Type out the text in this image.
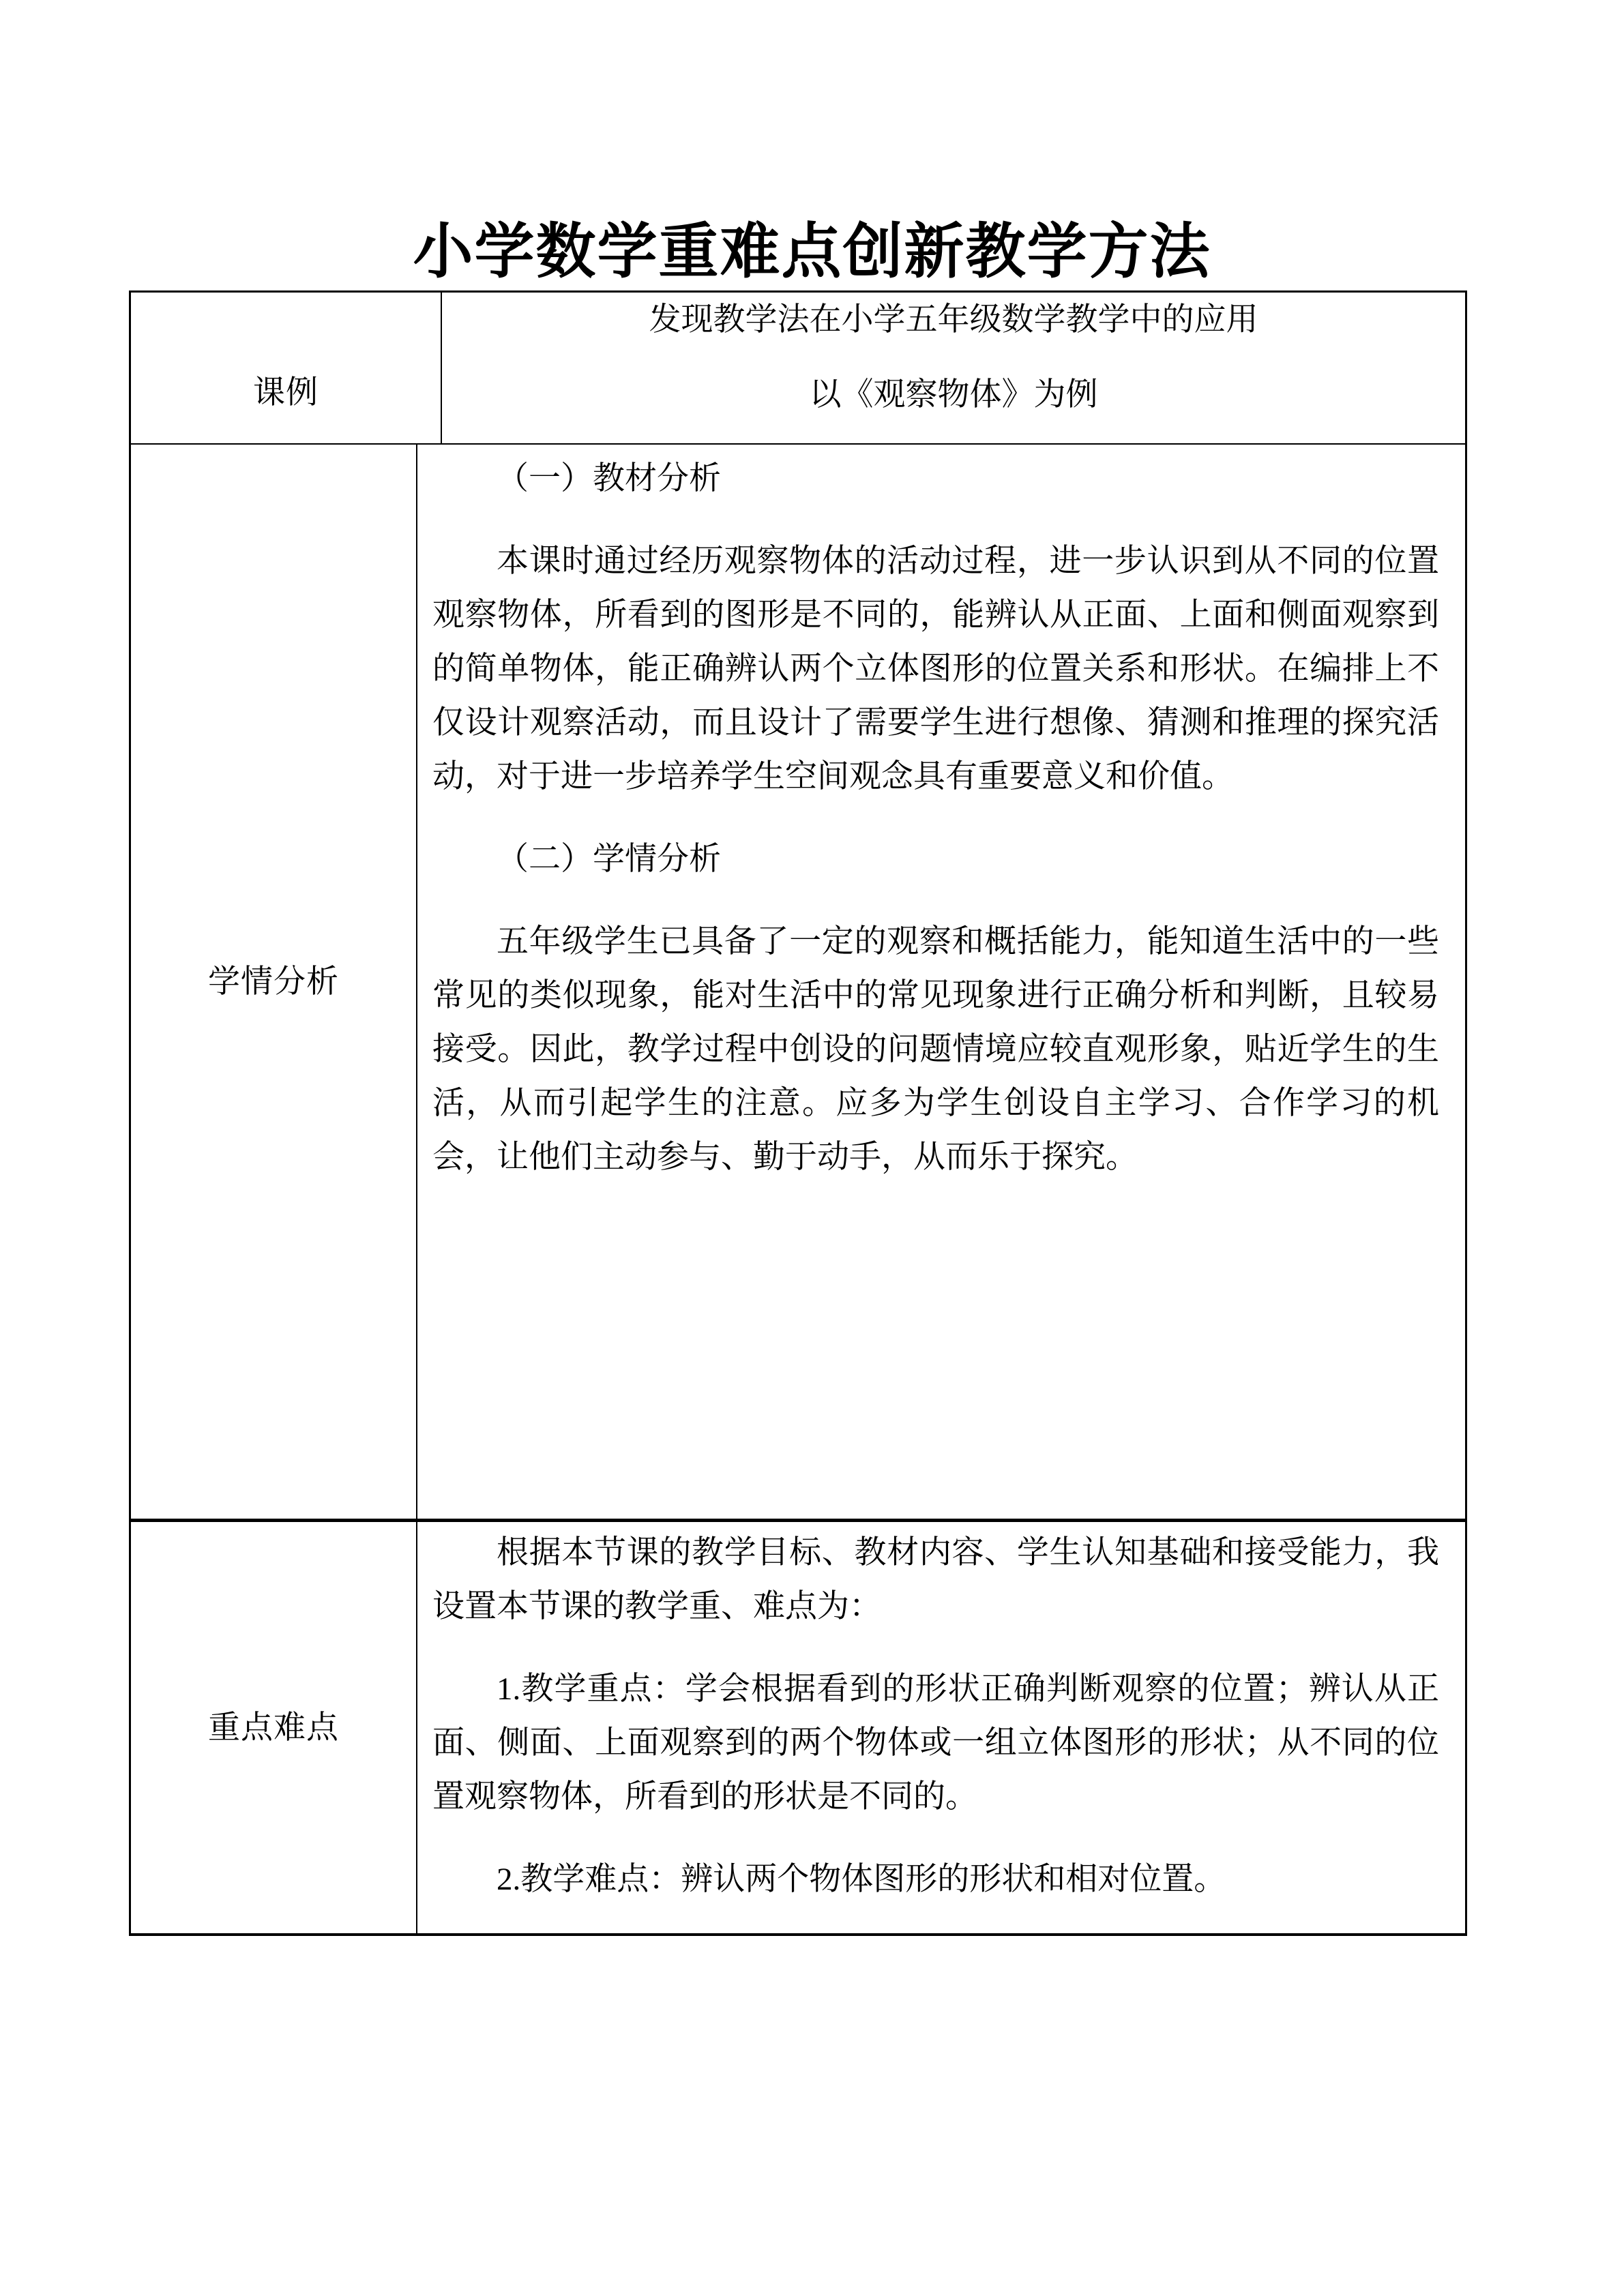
小学数学重难点创新教学方法
课例
发现教学法在小学五年级数学教学中的应用
以《观察物体》为例
学情分析

（一）教材分析

本课时通过经历观察物体的活动过程，进一步认识到从不同的位置观察物体，所看到的图形是不同的，能辨认从正面、上面和侧面观察到的简单物体，能正确辨认两个立体图形的位置关系和形状。在编排上不仅设计观察活动，而且设计了需要学生进行想像、猜测和推理的探究活动，对于进一步培养学生空间观念具有重要意义和价值。

（二）学情分析

五年级学生已具备了一定的观察和概括能力，能知道生活中的一些常见的类似现象，能对生活中的常见现象进行正确分析和判断，且较易接受。因此，教学过程中创设的问题情境应较直观形象，贴近学生的生活，从而引起学生的注意。应多为学生创设自主学习、合作学习的机会，让他们主动参与、勤于动手，从而乐于探究。

重点难点

根据本节课的教学目标、教材内容、学生认知基础和接受能力，我设置本节课的教学重、难点为：

1.教学重点：学会根据看到的形状正确判断观察的位置；辨认从正面、侧面、上面观察到的两个物体或一组立体图形的形状；从不同的位置观察物体，所看到的形状是不同的。

2.教学难点：辨认两个物体图形的形状和相对位置。
